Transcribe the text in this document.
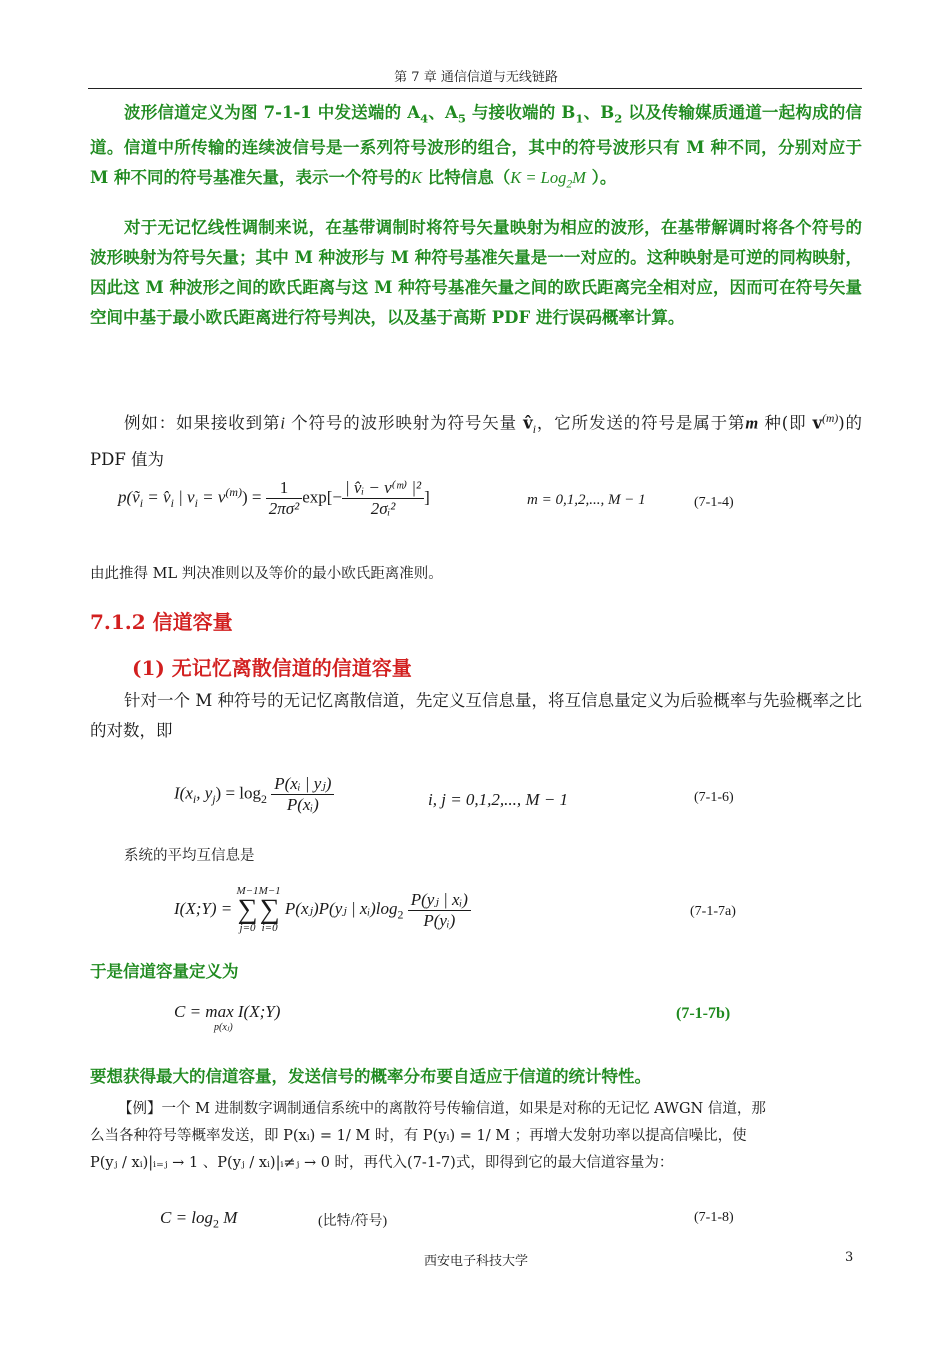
第 7 章 通信信道与无线链路
波形信道定义为图 7-1-1 中发送端的 $A_4$、$A_5$ 与接收端的 $B_1$、$B_2$ 以及传输媒质通道一起构成的信道。信道中所传输的连续波信号是一系列符号波形的组合，其中的符号波形只有 M 种不同，分别对应于 M 种不同的符号基准矢量，表示一个符号的K 比特信息（K = Log$_2$M ）。
对于无记忆线性调制来说，在基带调制时将符号矢量映射为相应的波形，在基带解调时将各个符号的波形映射为符号矢量；其中 M 种波形与 M 种符号基准矢量是一一对应的。这种映射是可逆的同构映射，因此这 M 种波形之间的欧氏距离与这 M 种符号基准矢量之间的欧氏距离完全相对应，因而可在符号矢量空间中基于最小欧氏距离进行符号判决，以及基于高斯 PDF 进行误码概率计算。
例如：如果接收到第i 个符号的波形映射为符号矢量 $v̂_i$，它所发送的符号是属于第m 种(即 $v^{(m)}$)的 PDF 值为
p(ṽ$_i$ = $v̂_i$ | $v_i = v^{(m)}) = \frac{1}{\text{2πσ²}} \exp[- \frac{\text{| v̂ᵢ − v⁽ᵐ⁾ |²}}{\text{2σᵢ²}}$ ]	m = 0,1,2,..., M − 1	(7-1-4)
由此推得 ML 判决准则以及等价的最小欧氏距离准则。
7.1.2 信道容量
(1) 无记忆离散信道的信道容量
针对一个 M 种符号的无记忆离散信道，先定义互信息量，将互信息量定义为后验概率与先验概率之比的对数，即
$I(x_i$, $y_j) = \log_2 \frac{\text{P(xᵢ | yⱼ)}}{\text{P(xᵢ)}}$	i, j = 0,1,2,..., M − 1	(7-1-6)
系统的平均互信息是
I(X;Y) = M−1
∑
j=0M−1
∑
i=0 P(xⱼ)P(yⱼ | $xᵢ)\log_2 \frac{\text{P(yⱼ | xᵢ)}}{\text{P(yᵢ)}}$	(7-1-7a)
于是信道容量定义为
C = max I(X;Y)
p(xⱼ)
(7-1-7b)
要想获得最大的信道容量，发送信号的概率分布要自适应于信道的统计特性。
【例】一个 M 进制数字调制通信系统中的离散符号传输信道，如果是对称的无记忆 AWGN 信道，那
么当各种符号等概率发送，即 P(xᵢ) = 1/ M 时，有 P(yᵢ) = 1/ M ；再增大发射功率以提高信噪比，使
P(yⱼ / xᵢ)|ᵢ₌ⱼ → 1 、P(yⱼ / xᵢ)|ᵢ≠ⱼ → 0 时，再代入(7-1-7)式，即得到它的最大信道容量为：
$C = \log_2 M$	(比特/符号)	(7-1-8)
西安电子科技大学	3
